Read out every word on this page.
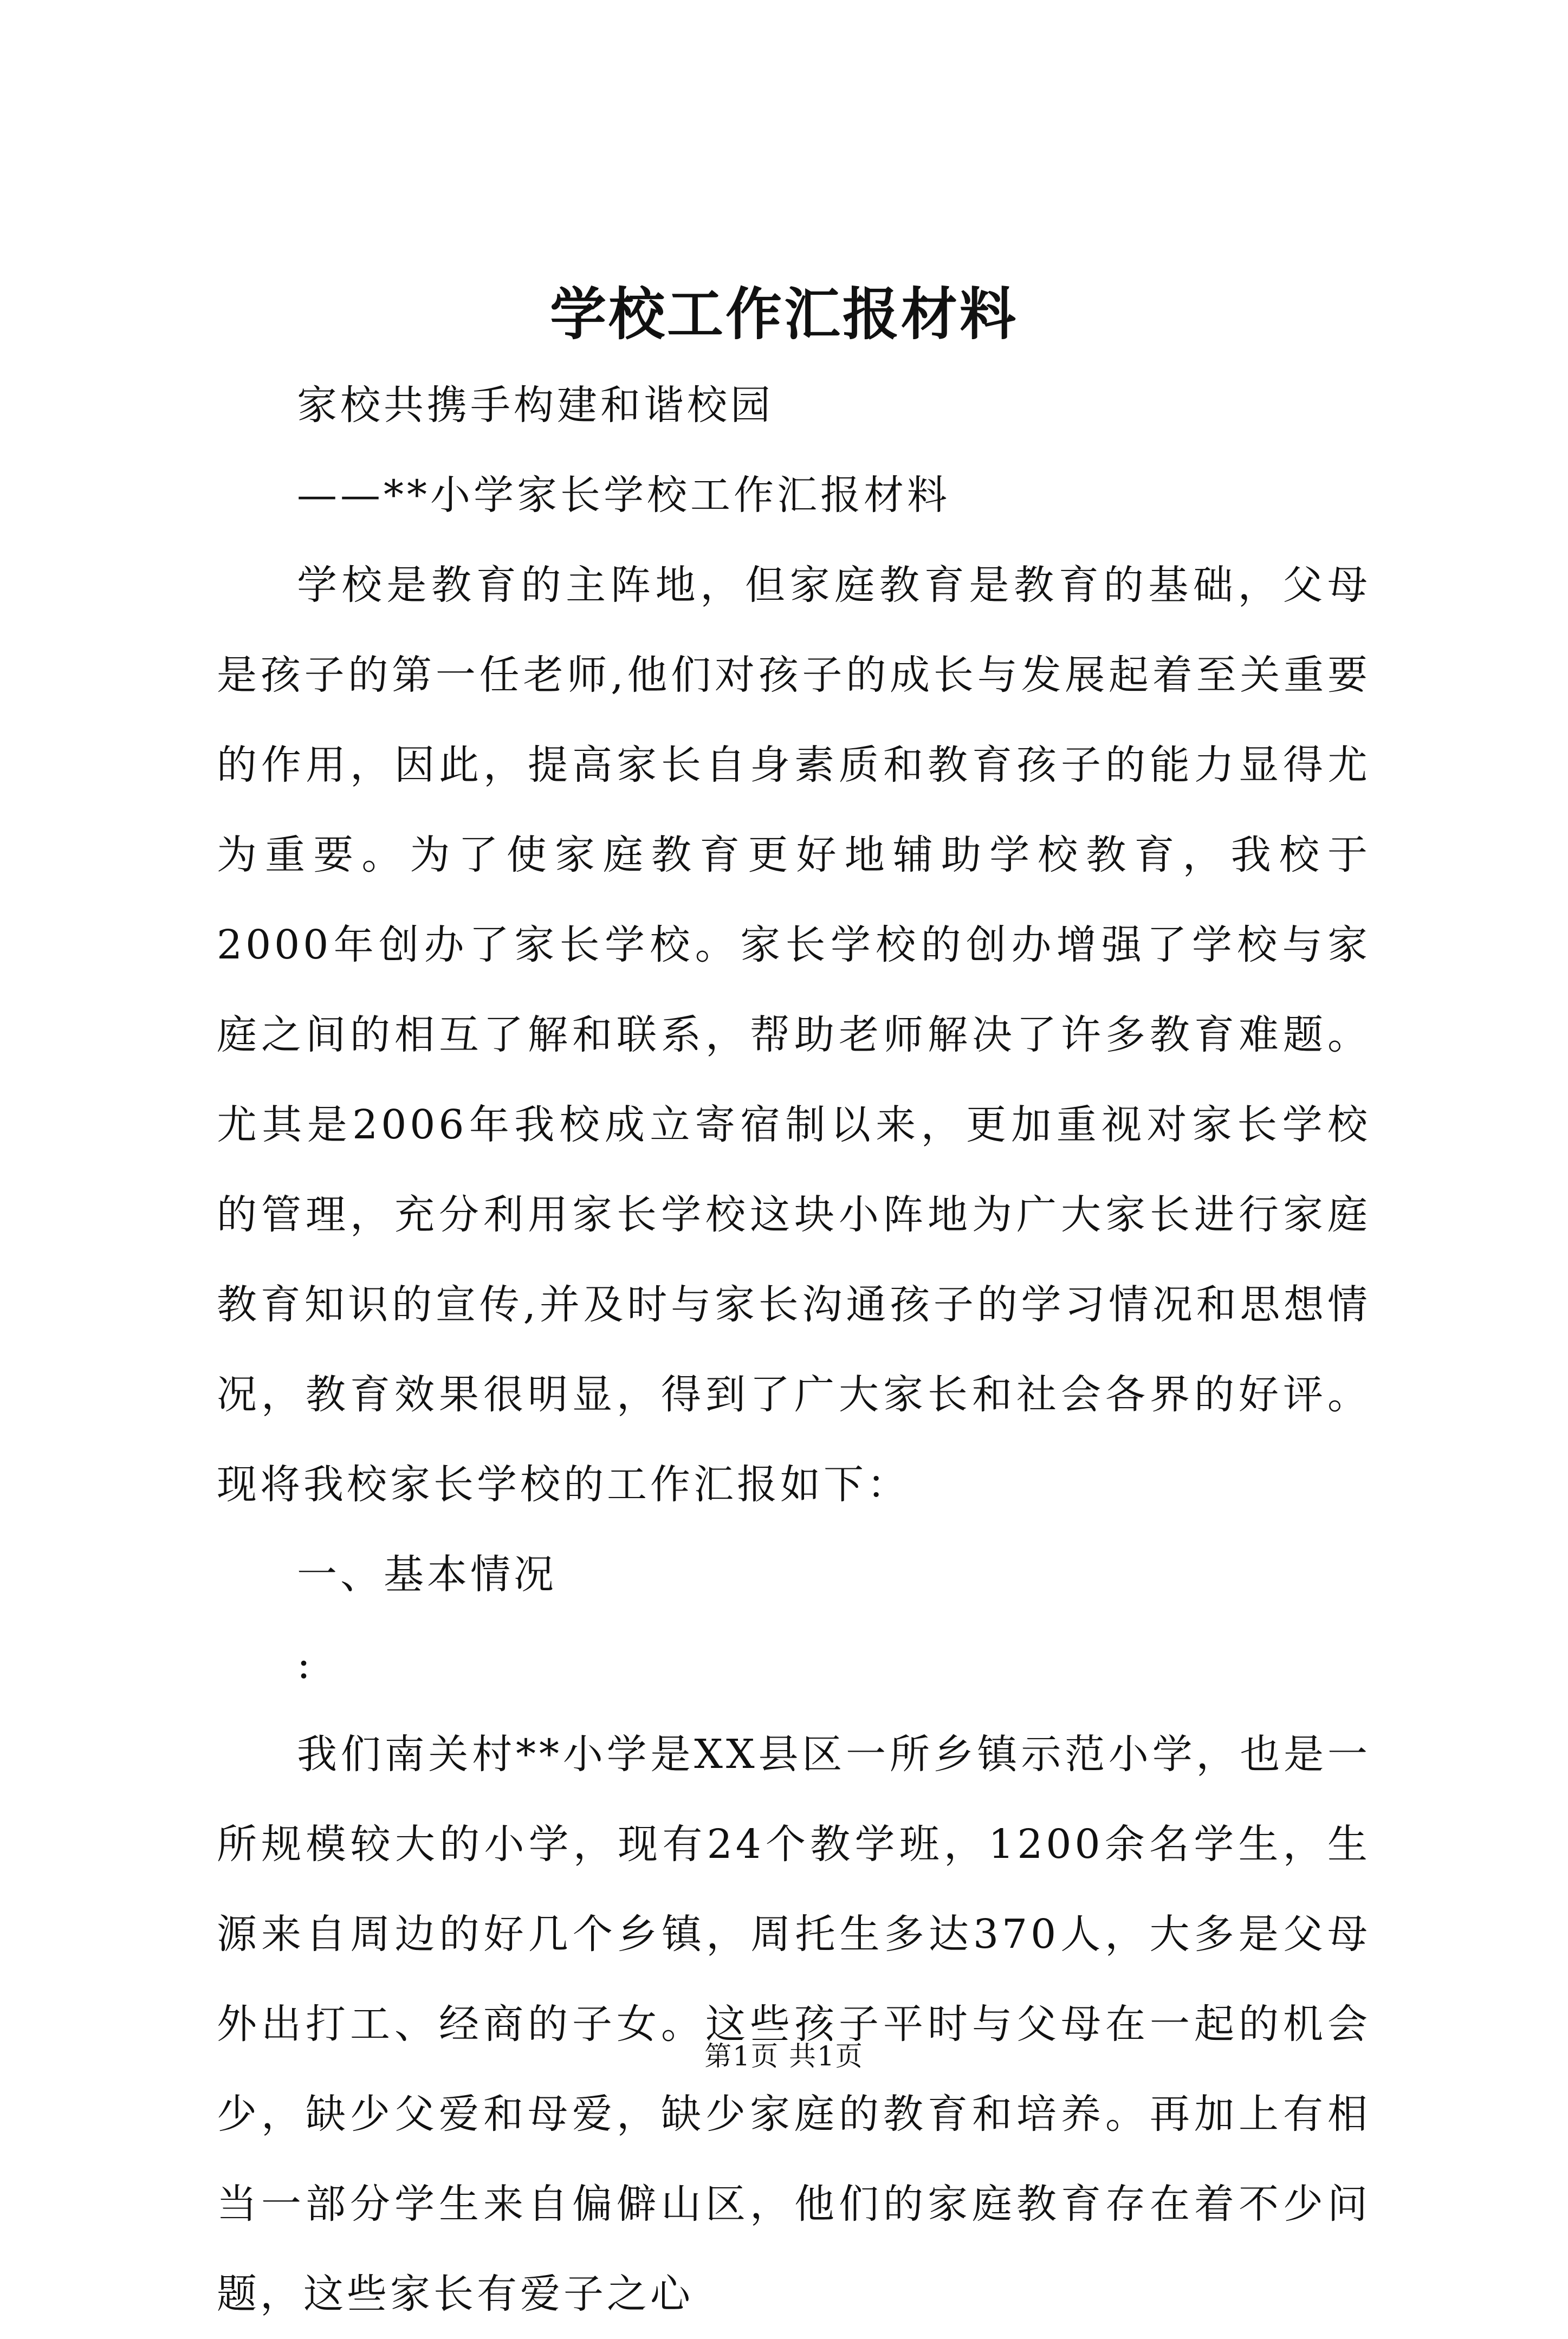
学校工作汇报材料

家校共携手构建和谐校园

——**小学家长学校工作汇报材料

学校是教育的主阵地，但家庭教育是教育的基础，父母是孩子的第一任老师,他们对孩子的成长与发展起着至关重要的作用，因此，提高家长自身素质和教育孩子的能力显得尤为重要。为了使家庭教育更好地辅助学校教育，我校于2000年创办了家长学校。家长学校的创办增强了学校与家庭之间的相互了解和联系，帮助老师解决了许多教育难题。尤其是2006年我校成立寄宿制以来，更加重视对家长学校的管理，充分利用家长学校这块小阵地为广大家长进行家庭教育知识的宣传,并及时与家长沟通孩子的学习情况和思想情况，教育效果很明显，得到了广大家长和社会各界的好评。现将我校家长学校的工作汇报如下：

一、基本情况

:

我们南关村**小学是XX县区一所乡镇示范小学，也是一所规模较大的小学，现有24个教学班，1200余名学生，生源来自周边的好几个乡镇，周托生多达370人，大多是父母外出打工、经商的子女。这些孩子平时与父母在一起的机会少，缺少父爱和母爱，缺少家庭的教育和培养。再加上有相当一部分学生来自偏僻山区，他们的家庭教育存在着不少问题，这些家长有爱子之心

第1页 共1页
